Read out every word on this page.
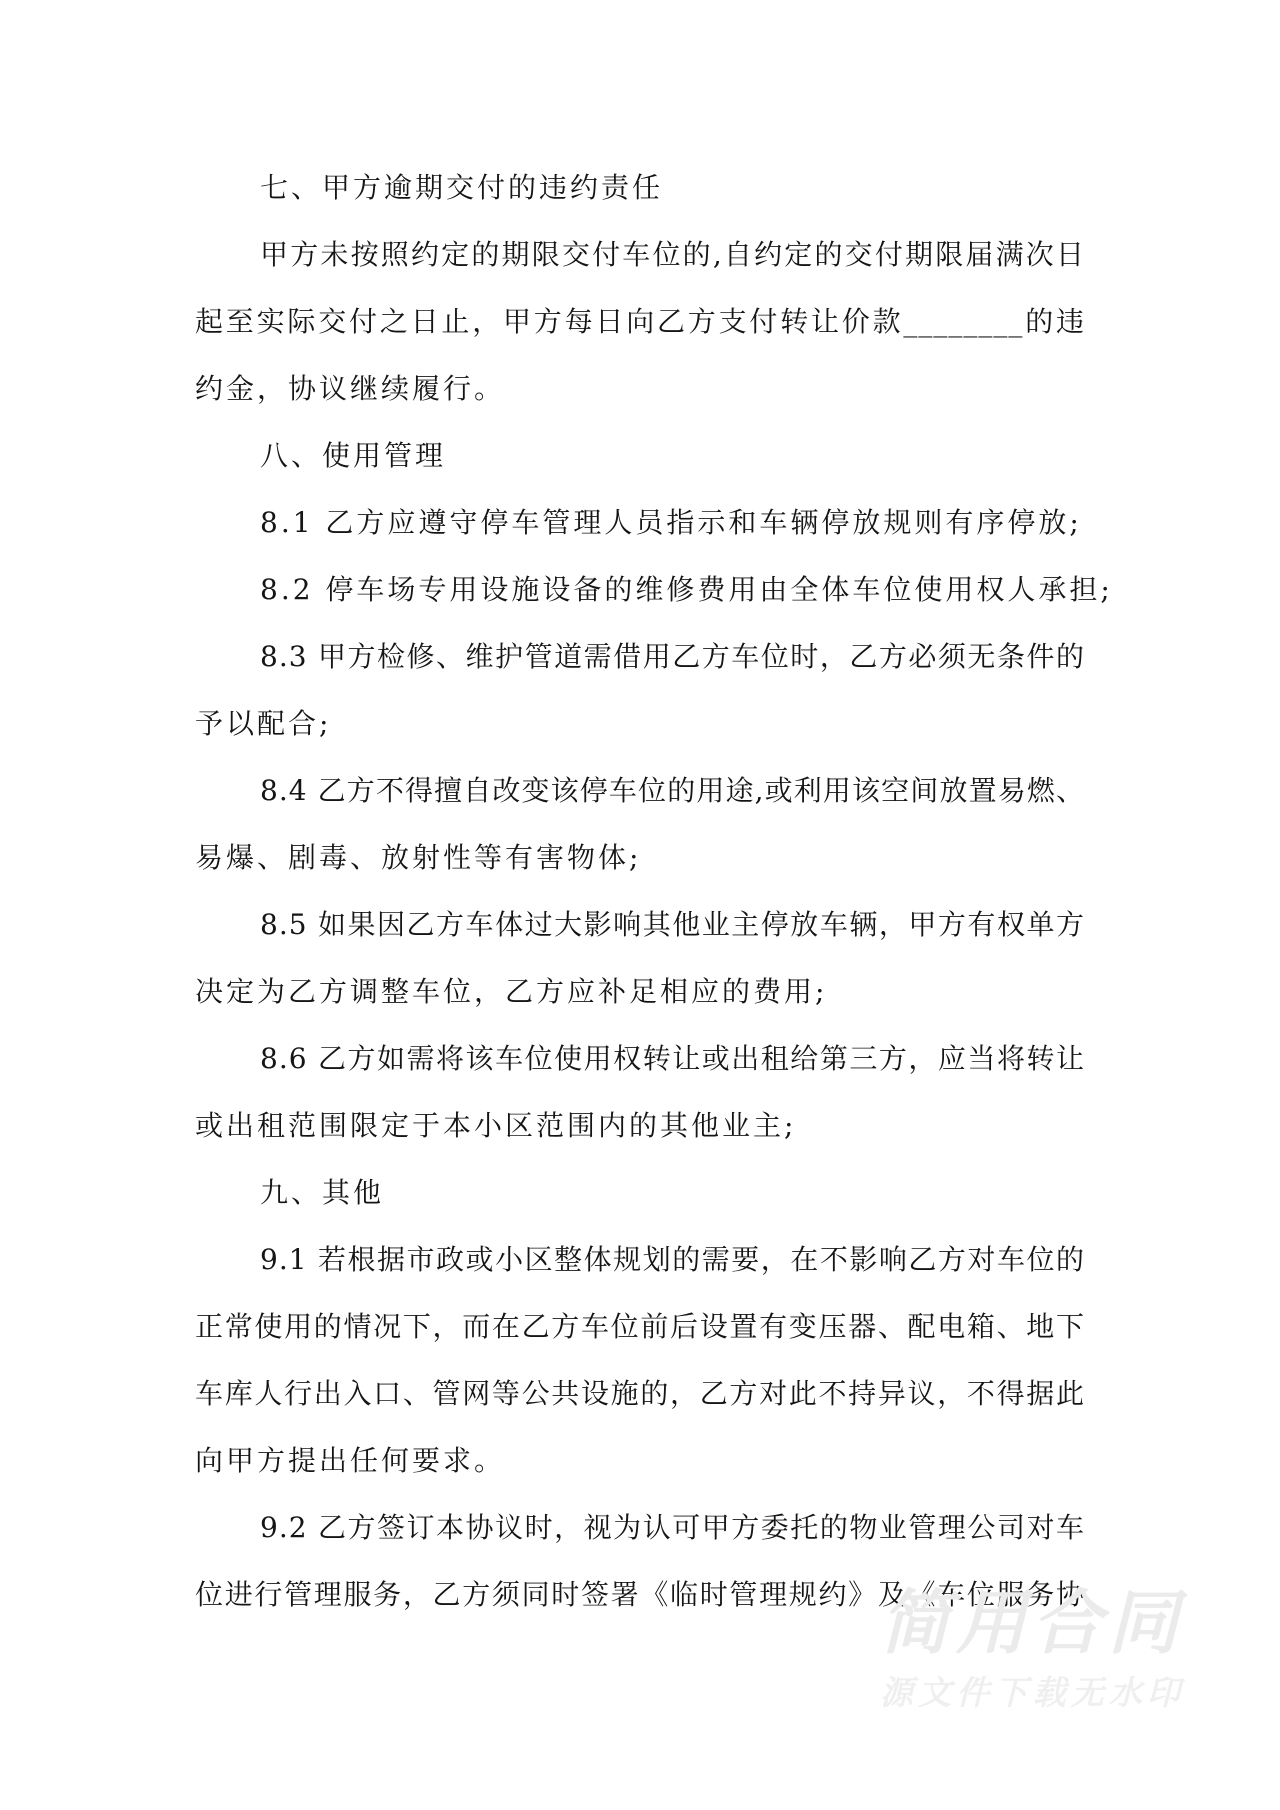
七、甲方逾期交付的违约责任
甲方未按照约定的期限交付车位的,自约定的交付期限届满次日
起至实际交付之日止，甲方每日向乙方支付转让价款________的违
约金，协议继续履行。
八、使用管理
8.1 乙方应遵守停车管理人员指示和车辆停放规则有序停放;
8.2 停车场专用设施设备的维修费用由全体车位使用权人承担;
8.3 甲方检修、维护管道需借用乙方车位时，乙方必须无条件的
予以配合;
8.4 乙方不得擅自改变该停车位的用途,或利用该空间放置易燃、
易爆、剧毒、放射性等有害物体;
8.5 如果因乙方车体过大影响其他业主停放车辆，甲方有权单方
决定为乙方调整车位，乙方应补足相应的费用;
8.6 乙方如需将该车位使用权转让或出租给第三方，应当将转让
或出租范围限定于本小区范围内的其他业主;
九、其他
9.1 若根据市政或小区整体规划的需要，在不影响乙方对车位的
正常使用的情况下，而在乙方车位前后设置有变压器、配电箱、地下
车库人行出入口、管网等公共设施的，乙方对此不持异议，不得据此
向甲方提出任何要求。
9.2 乙方签订本协议时，视为认可甲方委托的物业管理公司对车
位进行管理服务，乙方须同时签署《临时管理规约》及《车位服务协
简用合同
源文件下载无水印
